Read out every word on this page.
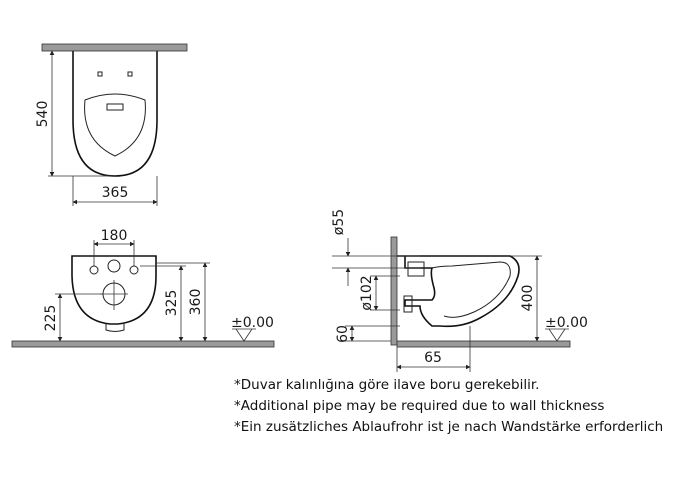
540
365
180
225
325 360
±0.00
ø55
ø102
60
65
400
±0.00
*Duvar kalınlığına göre ilave boru gerekebilir.
*Additional pipe may be required due to wall thickness
*Ein zusätzliches Ablaufrohr ist je nach Wandstärke erforderlich
